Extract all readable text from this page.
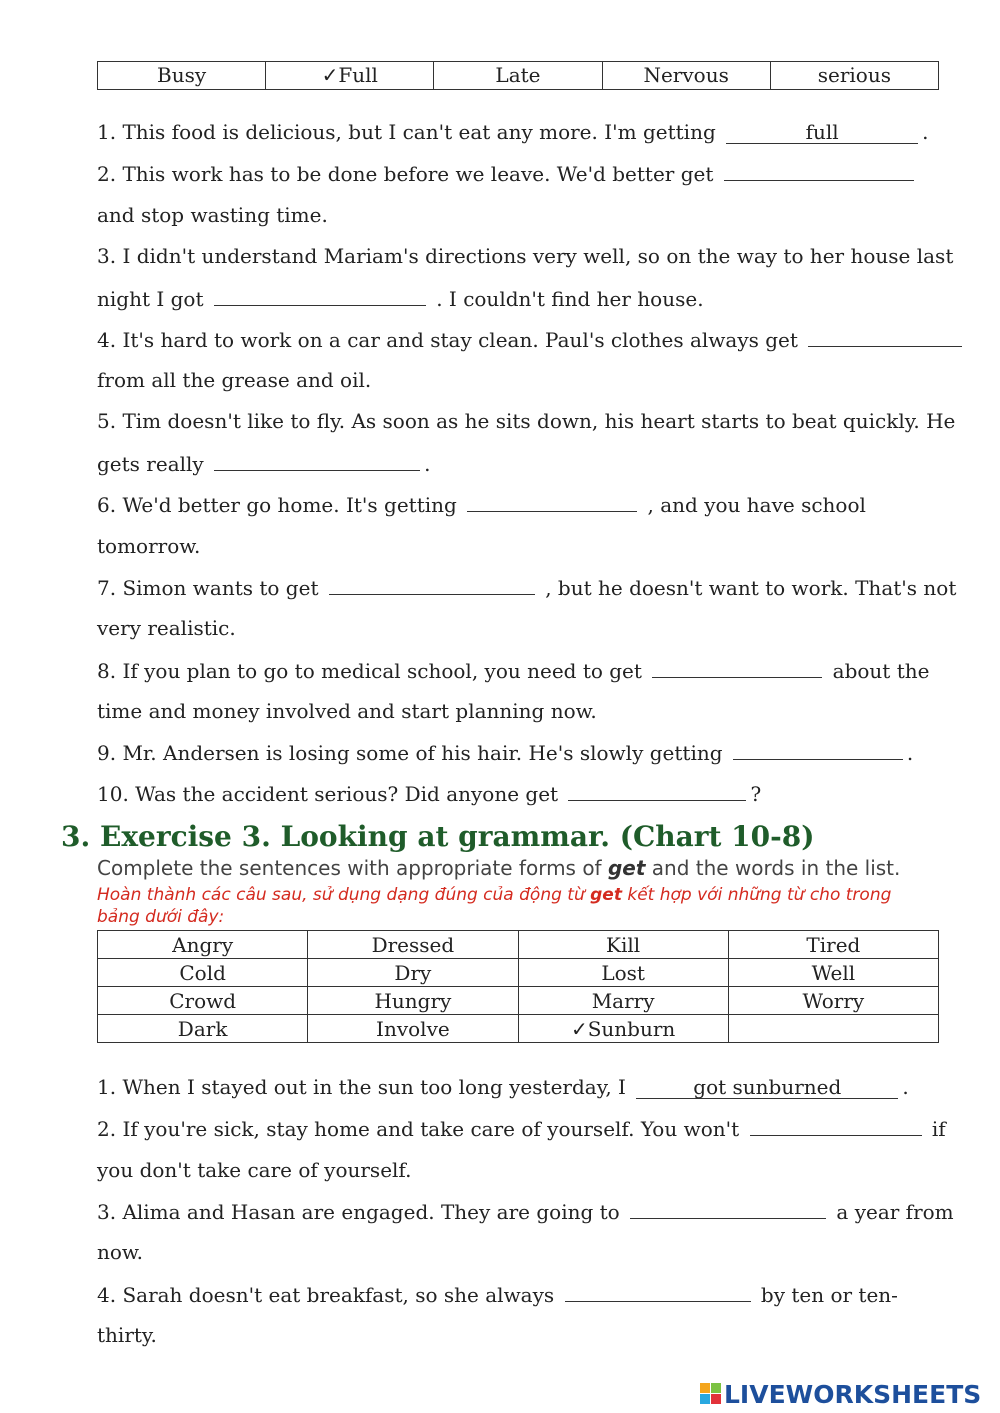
Busy	✓Full	Late	Nervous	serious
1. This food is delicious, but I can't eat any more. I'm getting	full	.
2. This work has to be done before we leave. We'd better get
and stop wasting time.
3. I didn't understand Mariam's directions very well, so on the way to her house last
night I got	. I couldn't find her house.
4. It's hard to work on a car and stay clean. Paul's clothes always get
from all the grease and oil.
5. Tim doesn't like to fly. As soon as he sits down, his heart starts to beat quickly. He
gets really	.
6. We'd better go home. It's getting	, and you have school
tomorrow.
7. Simon wants to get	, but he doesn't want to work. That's not
very realistic.
8. If you plan to go to medical school, you need to get	about the
time and money involved and start planning now.
9. Mr. Andersen is losing some of his hair. He's slowly getting	.
10. Was the accident serious? Did anyone get	?
3. Exercise 3. Looking at grammar. (Chart 10-8)
Complete the sentences with appropriate forms of get and the words in the list.
Hoàn thành các câu sau, sử dụng dạng đúng của động từ get kết hợp với những từ cho trong bảng dưới đây:
Angry	Dressed	Kill	Tired
Cold	Dry	Lost	Well
Crowd	Hungry	Marry	Worry
Dark	Involve	✓Sunburn	
1. When I stayed out in the sun too long yesterday, I	got sunburned	.
2. If you're sick, stay home and take care of yourself. You won't	if
you don't take care of yourself.
3. Alima and Hasan are engaged. They are going to	a year from
now.
4. Sarah doesn't eat breakfast, so she always	by ten or ten-
thirty.
LIVEWORKSHEETS
